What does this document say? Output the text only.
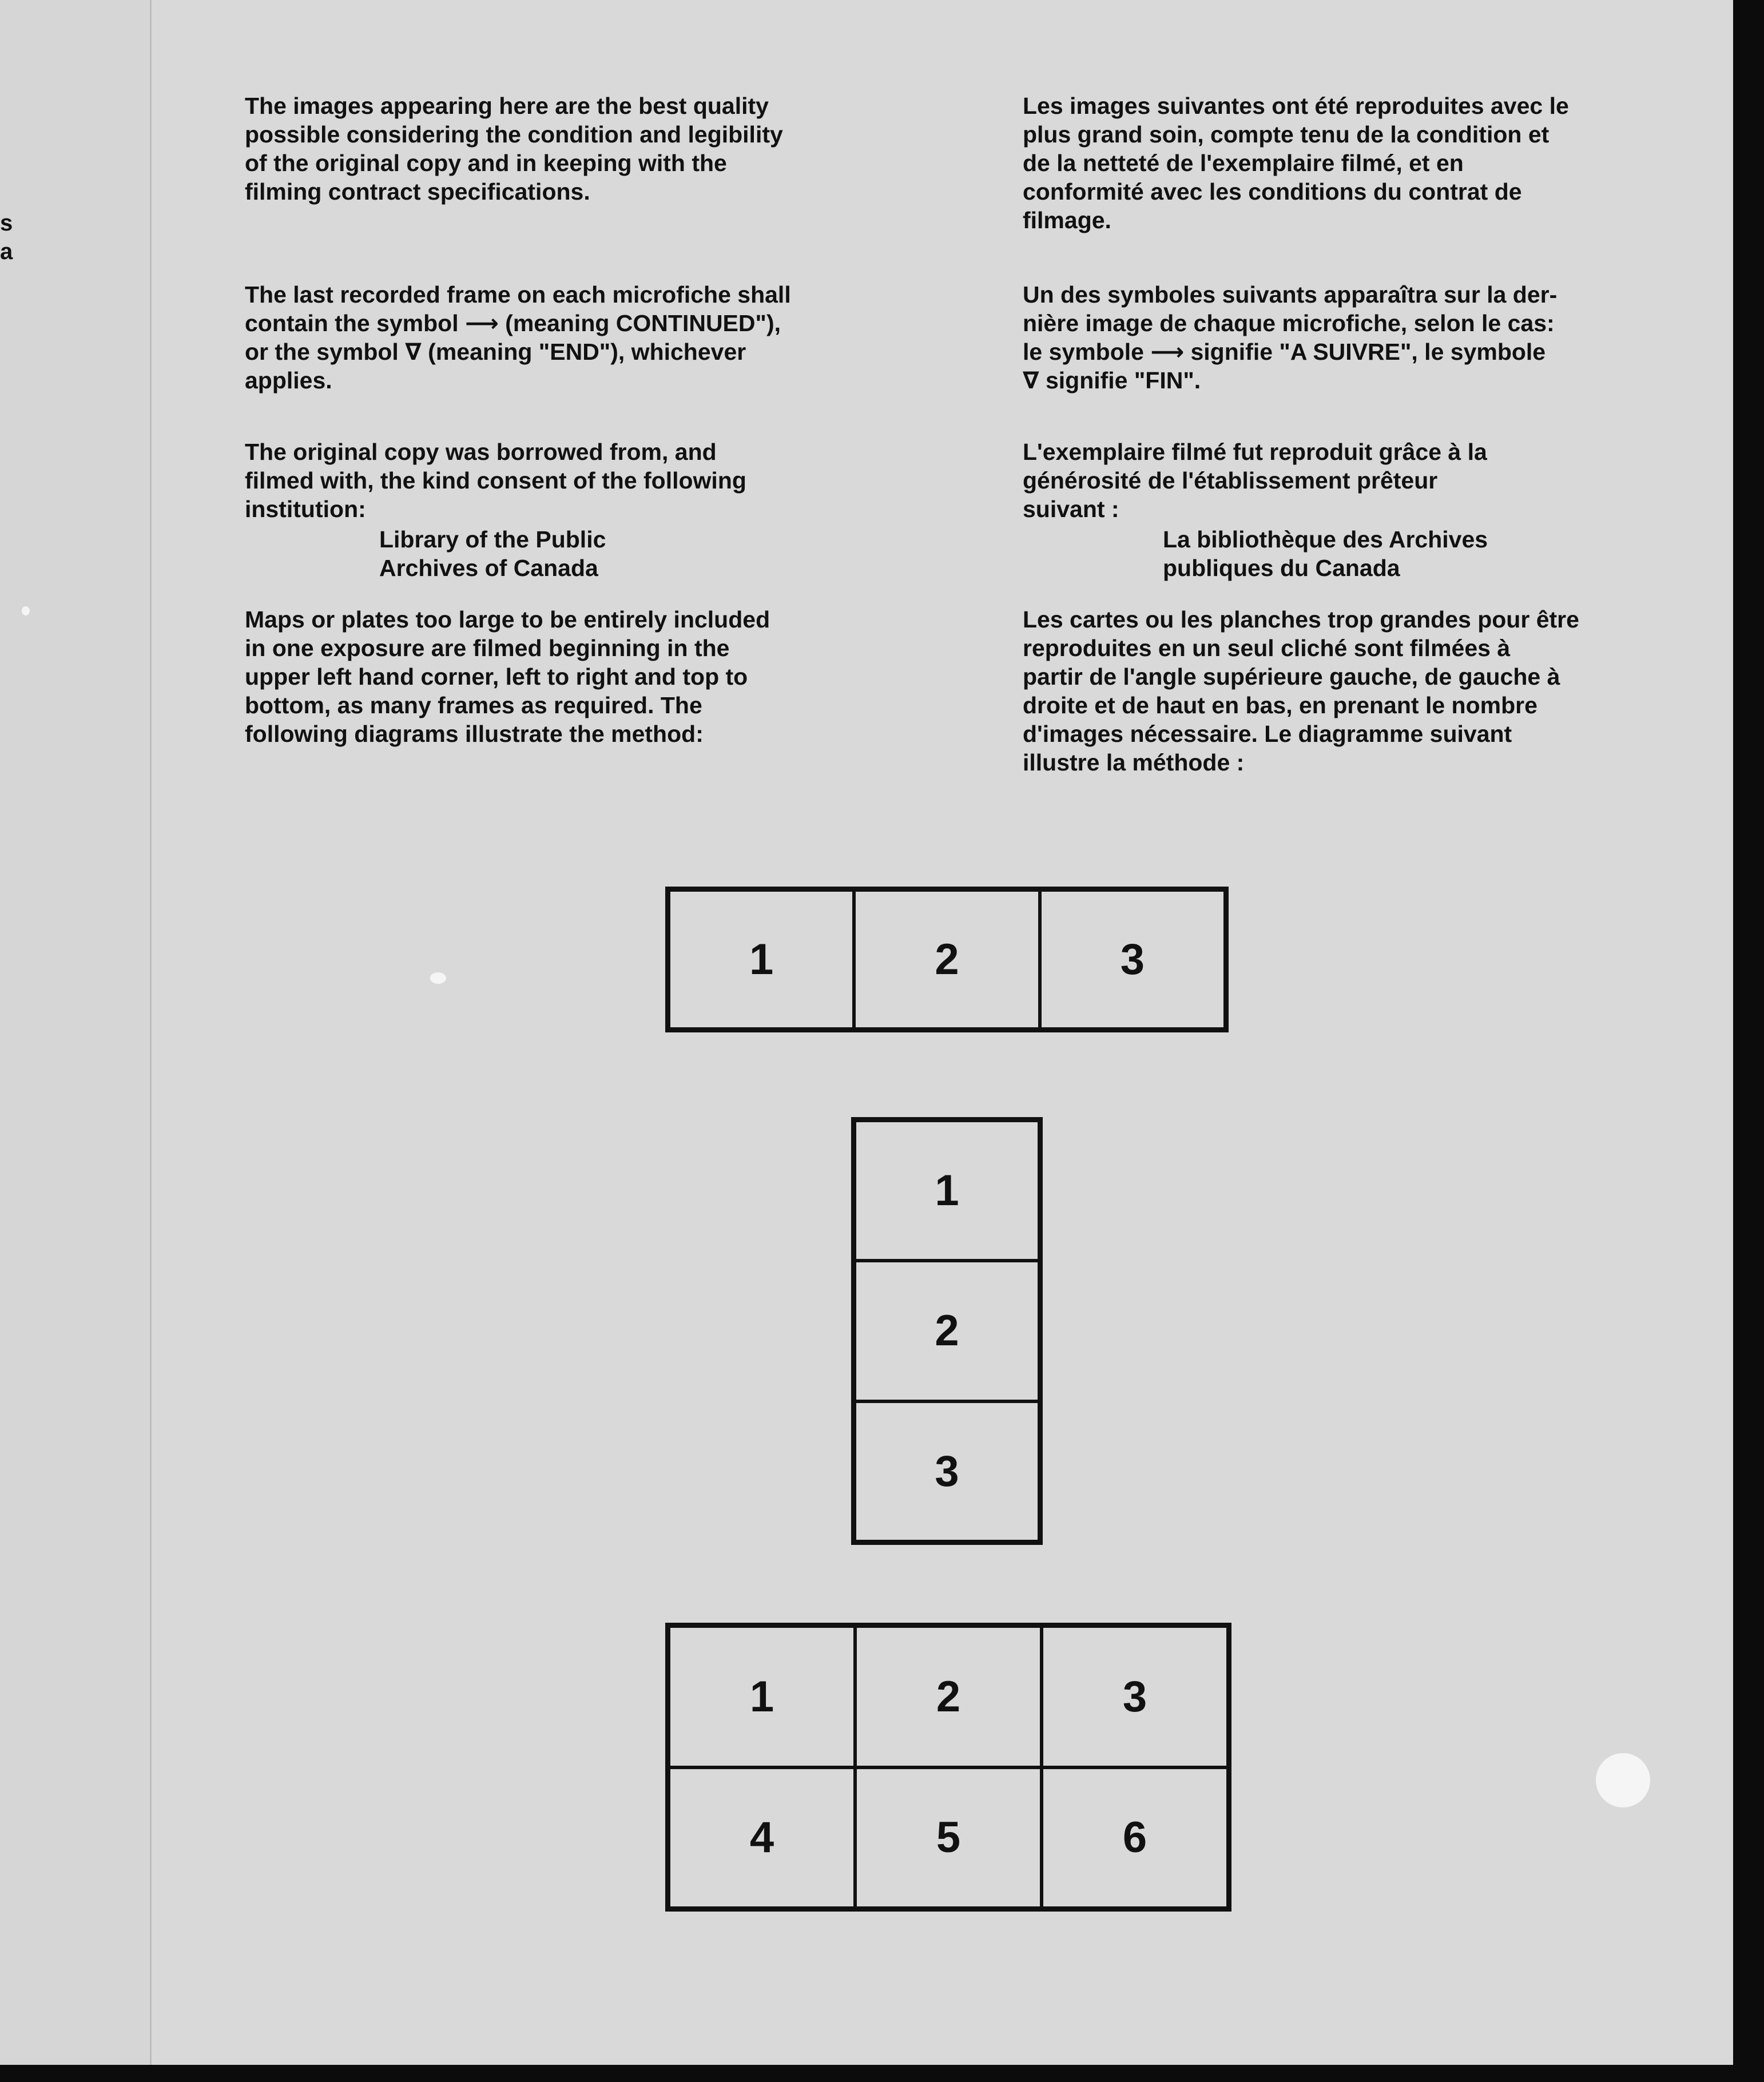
s
a

The images appearing here are the best quality
possible considering the condition and legibility
of the original copy and in keeping with the
filming contract specifications.

The last recorded frame on each microfiche shall
contain the symbol ⟶ (meaning CONTINUED"),
or the symbol ∇ (meaning "END"), whichever
applies.

The original copy was borrowed from, and
filmed with, the kind consent of the following
institution:

Library of the Public
Archives of Canada

Maps or plates too large to be entirely included
in one exposure are filmed beginning in the
upper left hand corner, left to right and top to
bottom, as many frames as required. The
following diagrams illustrate the method:

Les images suivantes ont été reproduites avec le
plus grand soin, compte tenu de la condition et
de la netteté de l'exemplaire filmé, et en
conformité avec les conditions du contrat de
filmage.

Un des symboles suivants apparaîtra sur la der-
nière image de chaque microfiche, selon le cas:
le symbole ⟶ signifie "A SUIVRE", le symbole
∇ signifie "FIN".

L'exemplaire filmé fut reproduit grâce à la
générosité de l'établissement prêteur
suivant :

La bibliothèque des Archives
publiques du Canada

Les cartes ou les planches trop grandes pour être
reproduites en un seul cliché sont filmées à
partir de l'angle supérieure gauche, de gauche à
droite et de haut en bas, en prenant le nombre
d'images nécessaire. Le diagramme suivant
illustre la méthode :

1	2	3
1
2
3
1	2	3
4	5	6
